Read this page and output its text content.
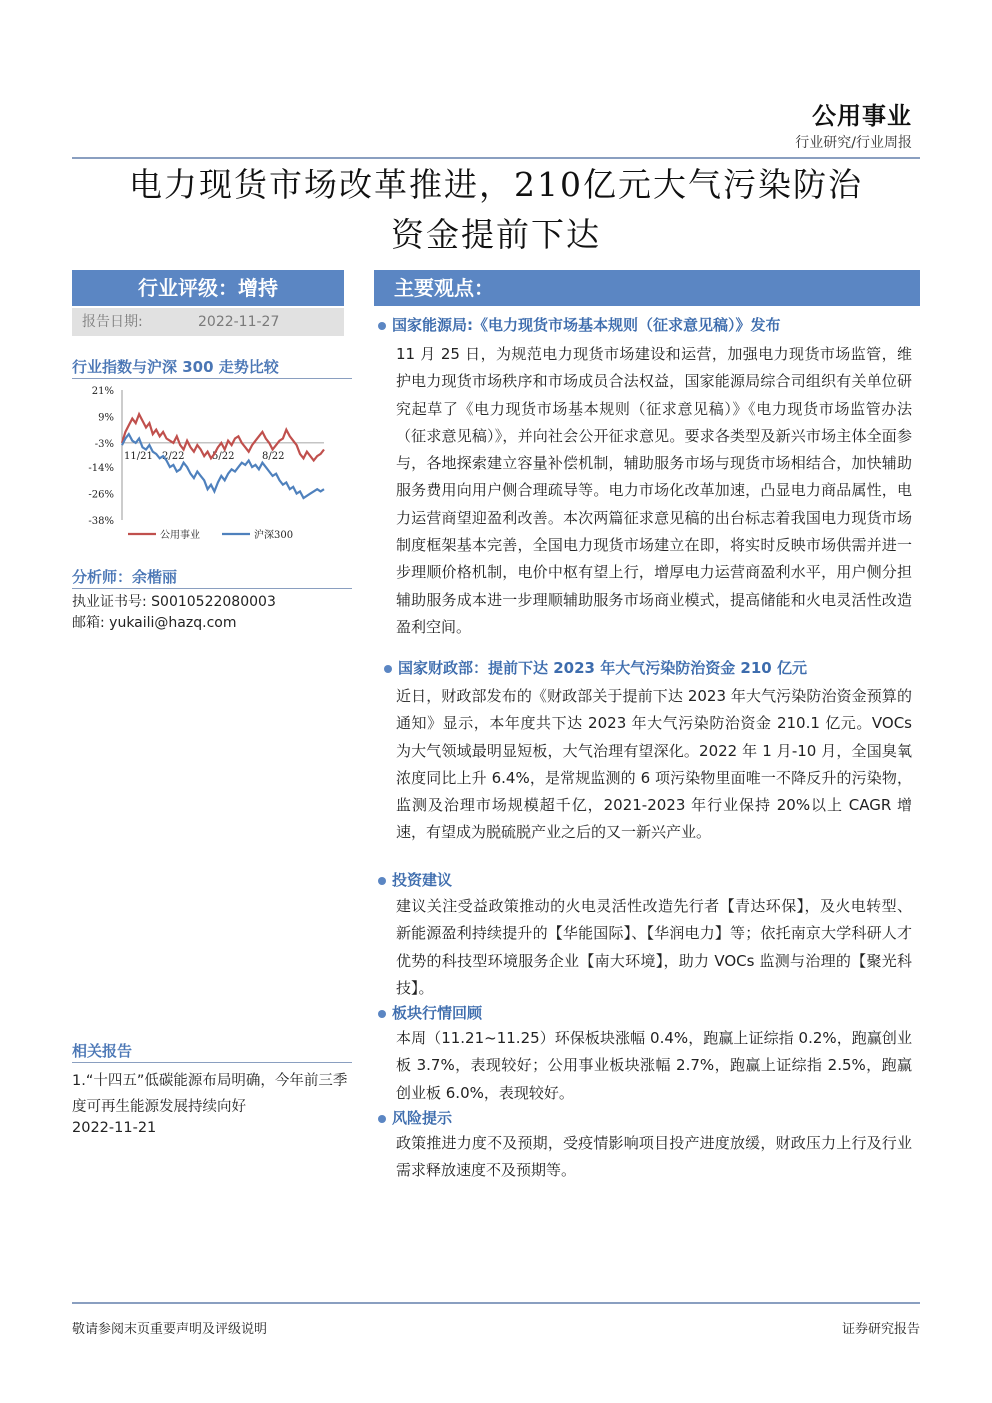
公用事业
行业研究/行业周报
电力现货市场改革推进，210亿元大气污染防治
资金提前下达
行业评级：增持
报告日期:	2022-11-27
行业指数与沪深 300 走势比较
21%
9%
-3%
-14%
-26%
-38%
11/21 2/22	5/22	8/22
公用事业	沪深300
分析师：余楷丽
执业证书号: S0010522080003
邮箱: yukaili@hazq.com
相关报告
1.“十四五”低碳能源布局明确，今年前三季度可再生能源发展持续向好
2022-11-21
主要观点：
国家能源局:《电力现货市场基本规则（征求意见稿）》发布
11 月 25 日，为规范电力现货市场建设和运营，加强电力现货市场监管，维护电力现货市场秩序和市场成员合法权益，国家能源局综合司组织有关单位研究起草了《电力现货市场基本规则（征求意见稿）》《电力现货市场监管办法（征求意见稿）》，并向社会公开征求意见。要求各类型及新兴市场主体全面参与，各地探索建立容量补偿机制，辅助服务市场与现货市场相结合，加快辅助服务费用向用户侧合理疏导等。电力市场化改革加速，凸显电力商品属性，电力运营商望迎盈利改善。本次两篇征求意见稿的出台标志着我国电力现货市场制度框架基本完善，全国电力现货市场建立在即，将实时反映市场供需并进一步理顺价格机制，电价中枢有望上行，增厚电力运营商盈利水平，用户侧分担辅助服务成本进一步理顺辅助服务市场商业模式，提高储能和火电灵活性改造盈利空间。
国家财政部：提前下达 2023 年大气污染防治资金 210 亿元
近日，财政部发布的《财政部关于提前下达 2023 年大气污染防治资金预算的通知》显示，本年度共下达 2023 年大气污染防治资金 210.1 亿元。VOCs 为大气领域最明显短板，大气治理有望深化。2022 年 1 月-10 月，全国臭氧浓度同比上升 6.4%，是常规监测的 6 项污染物里面唯一不降反升的污染物，监测及治理市场规模超千亿，2021-2023 年行业保持 20%以上 CAGR 增速，有望成为脱硫脱产业之后的又一新兴产业。
投资建议
建议关注受益政策推动的火电灵活性改造先行者【青达环保】，及火电转型、新能源盈利持续提升的【华能国际】、【华润电力】等；依托南京大学科研人才优势的科技型环境服务企业【南大环境】，助力 VOCs 监测与治理的【聚光科技】。
板块行情回顾
本周（11.21~11.25）环保板块涨幅 0.4%，跑赢上证综指 0.2%，跑赢创业板 3.7%，表现较好；公用事业板块涨幅 2.7%，跑赢上证综指 2.5%，跑赢创业板 6.0%，表现较好。
风险提示
政策推进力度不及预期，受疫情影响项目投产进度放缓，财政压力上行及行业需求释放速度不及预期等。
敬请参阅末页重要声明及评级说明	证券研究报告
